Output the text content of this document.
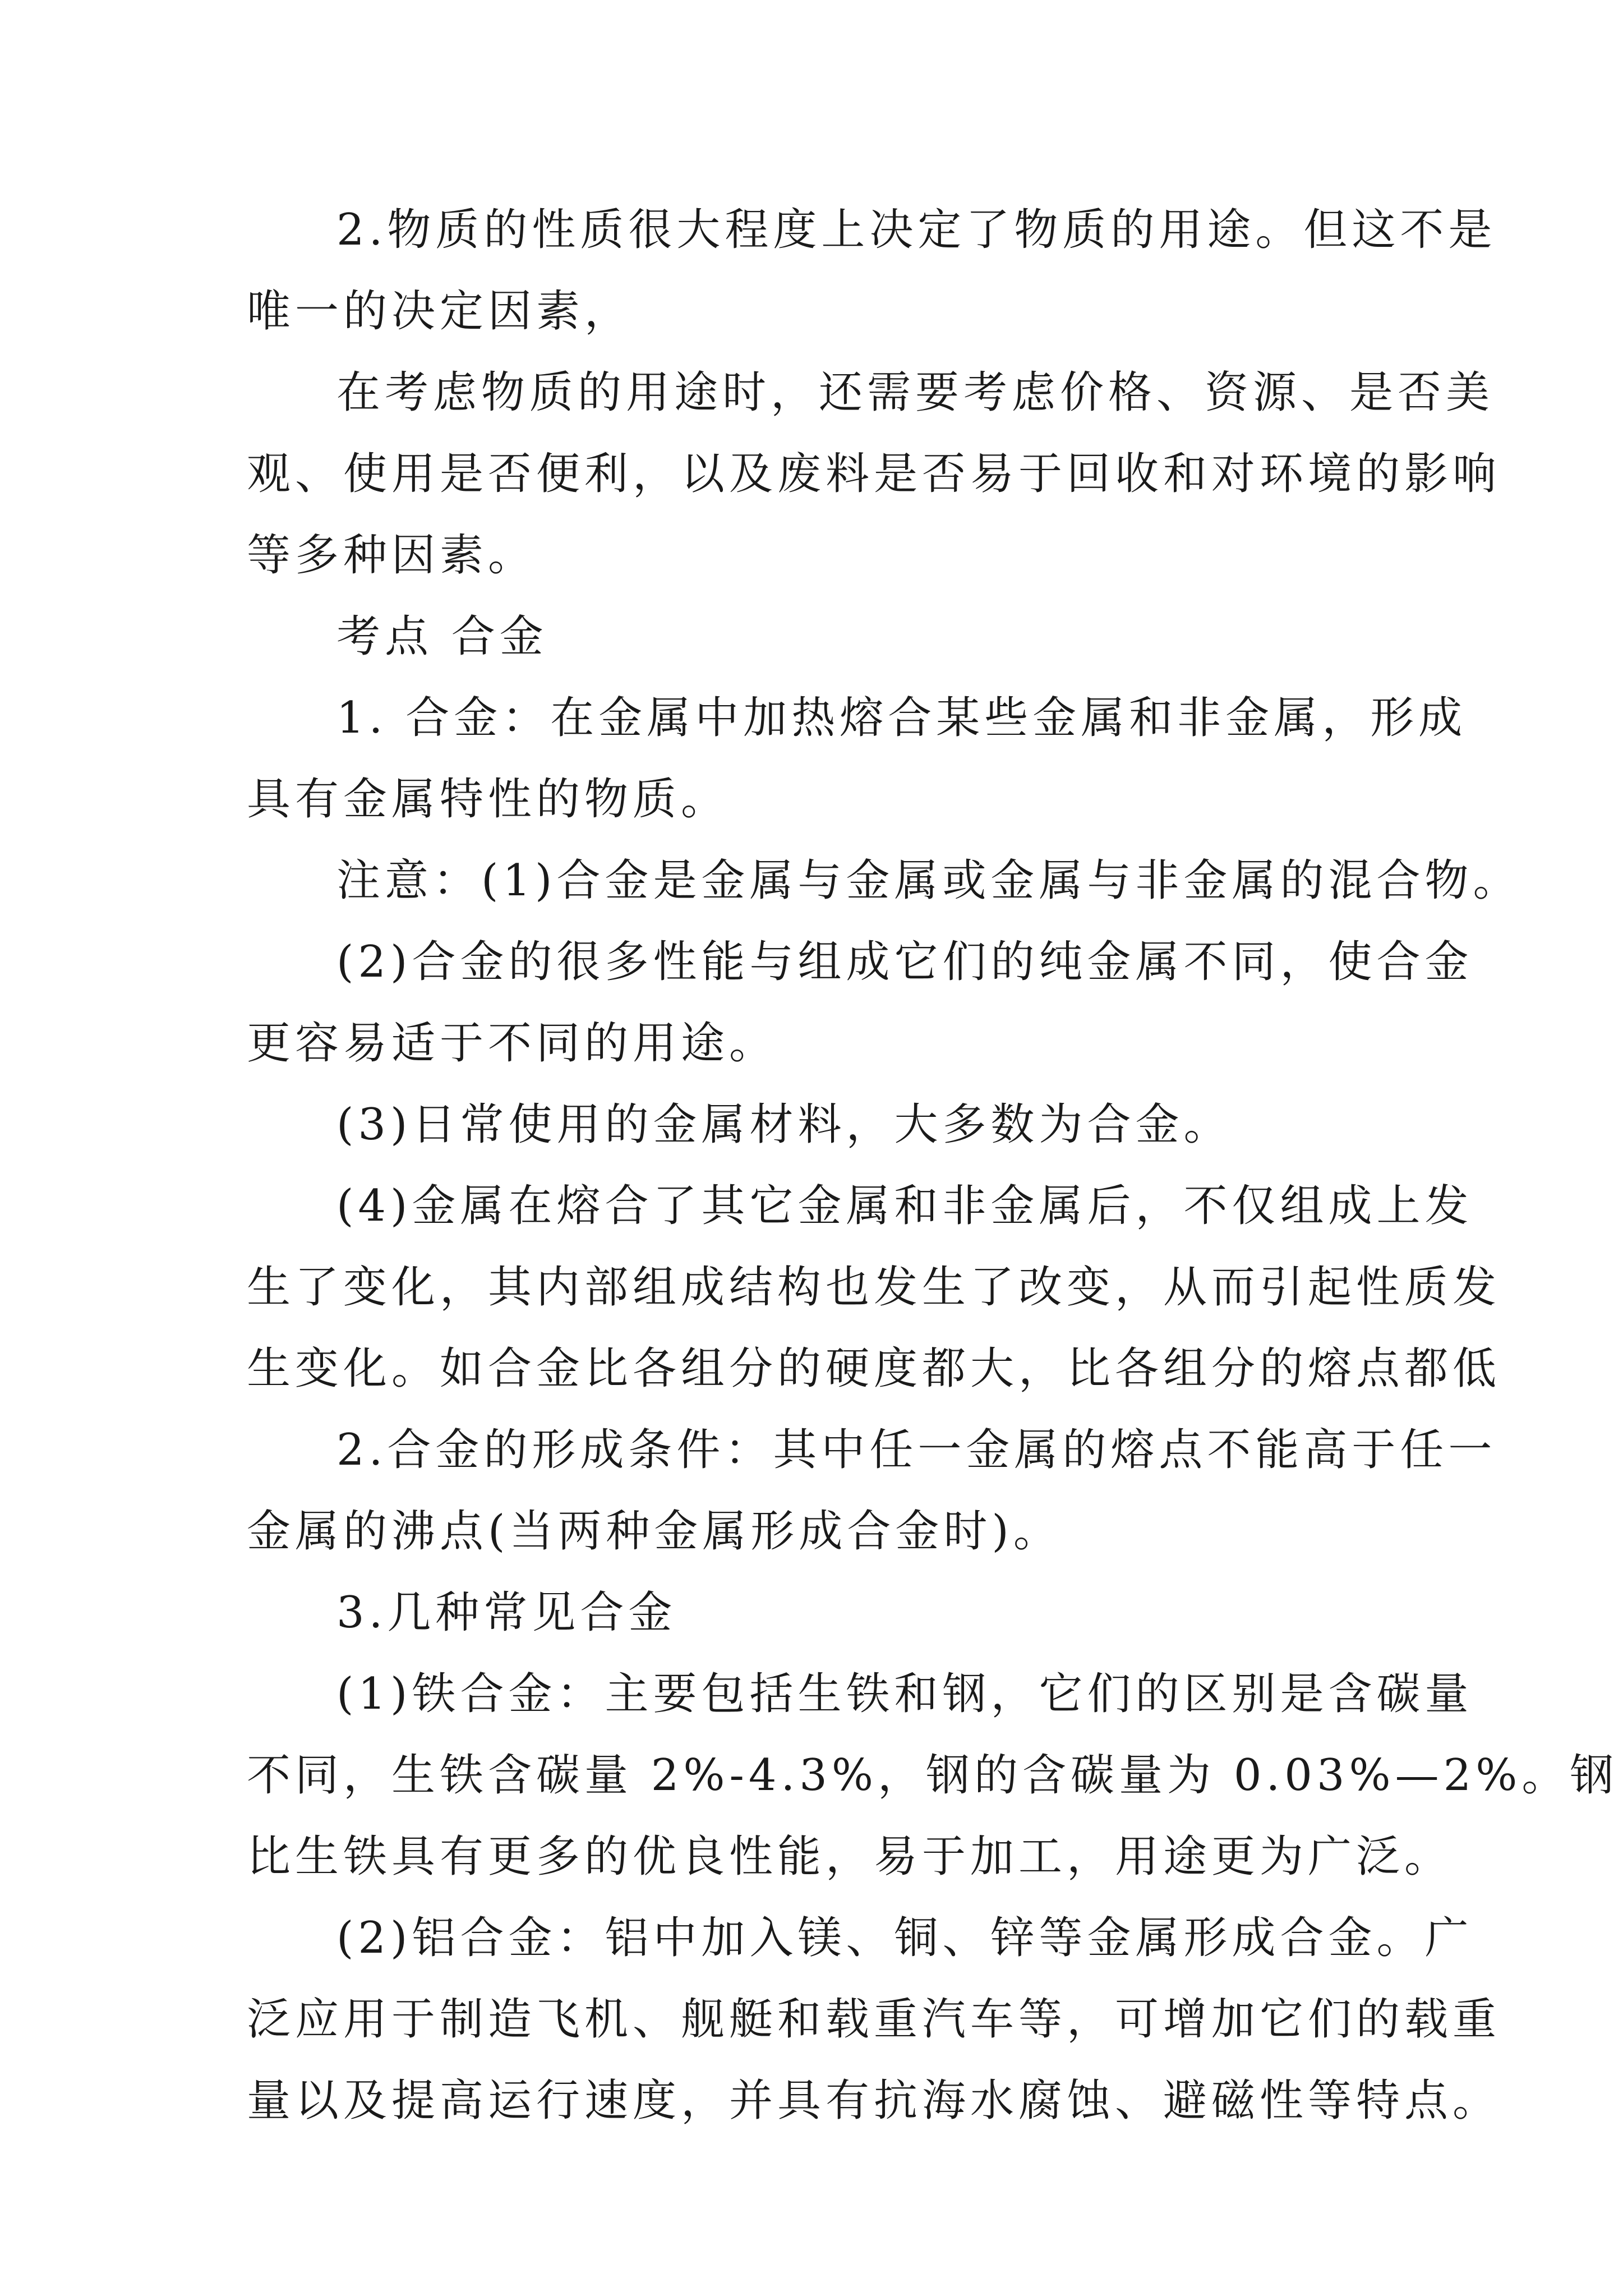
2.物质的性质很大程度上决定了物质的用途。但这不是
唯一的决定因素，
在考虑物质的用途时，还需要考虑价格、资源、是否美
观、使用是否便利，以及废料是否易于回收和对环境的影响
等多种因素。
考点 合金
1. 合金：在金属中加热熔合某些金属和非金属，形成
具有金属特性的物质。
注意：(1)合金是金属与金属或金属与非金属的混合物。
(2)合金的很多性能与组成它们的纯金属不同，使合金
更容易适于不同的用途。
(3)日常使用的金属材料，大多数为合金。
(4)金属在熔合了其它金属和非金属后，不仅组成上发
生了变化，其内部组成结构也发生了改变，从而引起性质发
生变化。如合金比各组分的硬度都大，比各组分的熔点都低
2.合金的形成条件：其中任一金属的熔点不能高于任一
金属的沸点(当两种金属形成合金时)。
3.几种常见合金
(1)铁合金：主要包括生铁和钢，它们的区别是含碳量
不同，生铁含碳量 2%-4.3%，钢的含碳量为 0.03%—2%。钢
比生铁具有更多的优良性能，易于加工，用途更为广泛。
(2)铝合金：铝中加入镁、铜、锌等金属形成合金。广
泛应用于制造飞机、舰艇和载重汽车等，可增加它们的载重
量以及提高运行速度，并具有抗海水腐蚀、避磁性等特点。
